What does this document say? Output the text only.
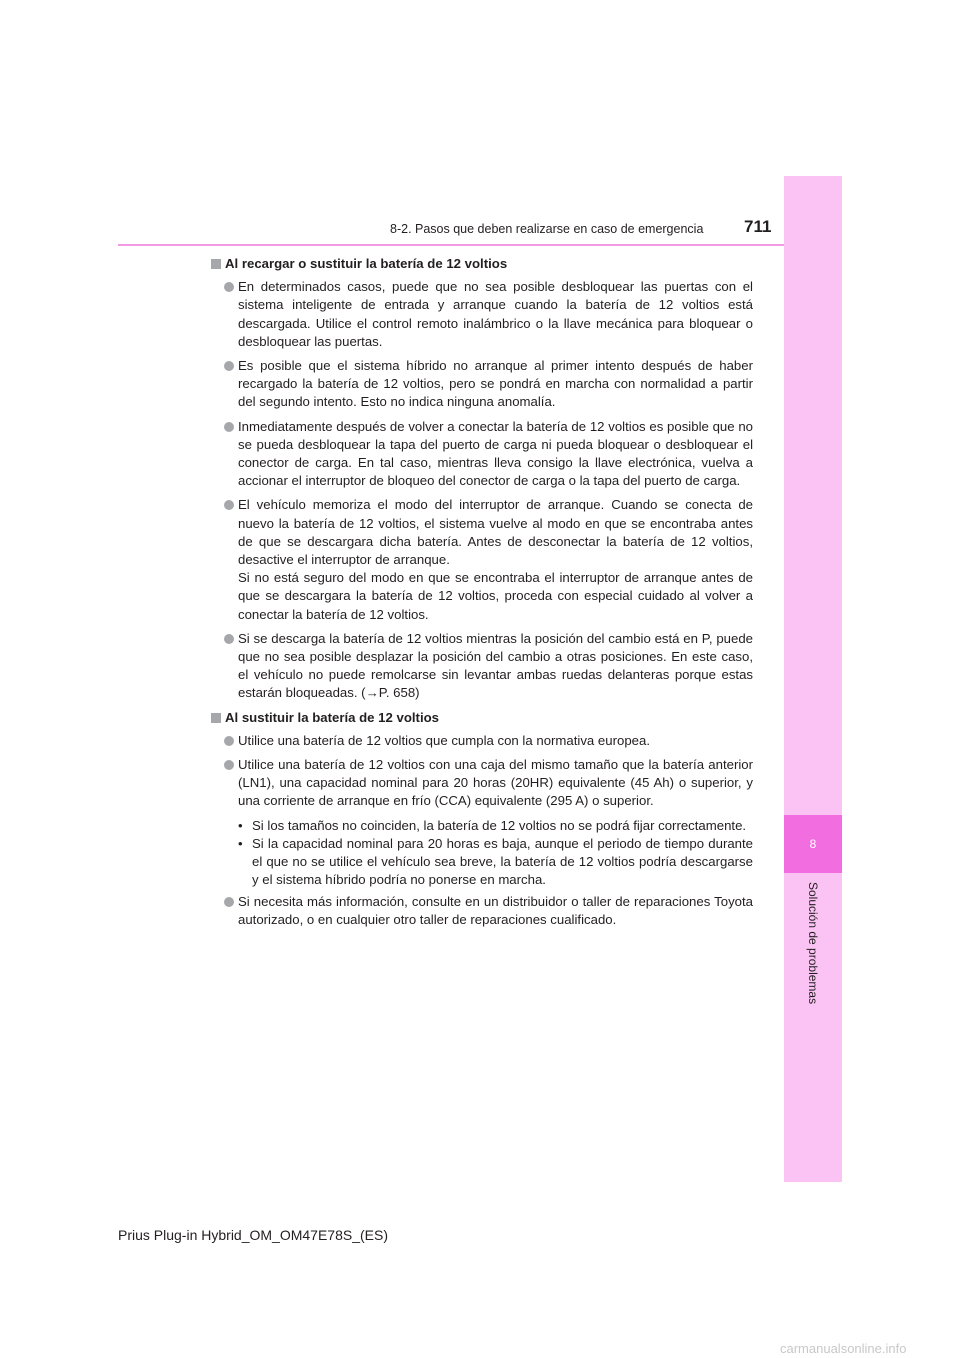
8
Solución de problemas
8-2. Pasos que deben realizarse en caso de emergencia 711
Al recargar o sustituir la batería de 12 voltios

En determinados casos, puede que no sea posible desbloquear las puertas con el sistema inteligente de entrada y arranque cuando la batería de 12 voltios está descargada. Utilice el control remoto inalámbrico o la llave mecánica para bloquear o desbloquear las puertas.

Es posible que el sistema híbrido no arranque al primer intento después de haber recargado la batería de 12 voltios, pero se pondrá en marcha con normalidad a partir del segundo intento. Esto no indica ninguna anomalía.

Inmediatamente después de volver a conectar la batería de 12 voltios es posible que no se pueda desbloquear la tapa del puerto de carga ni pueda bloquear o desbloquear el conector de carga. En tal caso, mientras lleva consigo la llave electrónica, vuelva a accionar el interruptor de bloqueo del conector de carga o la tapa del puerto de carga.

El vehículo memoriza el modo del interruptor de arranque. Cuando se conecta de nuevo la batería de 12 voltios, el sistema vuelve al modo en que se encontraba antes de que se descargara dicha batería. Antes de desconectar la batería de 12 voltios, desactive el interruptor de arranque.

Si no está seguro del modo en que se encontraba el interruptor de arranque antes de que se descargara la batería de 12 voltios, proceda con especial cuidado al volver a conectar la batería de 12 voltios.

Si se descarga la batería de 12 voltios mientras la posición del cambio está en P, puede que no sea posible desplazar la posición del cambio a otras posiciones. En este caso, el vehículo no puede remolcarse sin levantar ambas ruedas delanteras porque estas estarán bloqueadas. (→P. 658)

Al sustituir la batería de 12 voltios

Utilice una batería de 12 voltios que cumpla con la normativa europea.

Utilice una batería de 12 voltios con una caja del mismo tamaño que la batería anterior (LN1), una capacidad nominal para 20 horas (20HR) equivalente (45 Ah) o superior, y una corriente de arranque en frío (CCA) equivalente (295 A) o superior.

• Si los tamaños no coinciden, la batería de 12 voltios no se podrá fijar correctamente.
• Si la capacidad nominal para 20 horas es baja, aunque el periodo de tiempo durante el que no se utilice el vehículo sea breve, la batería de 12 voltios podría descargarse y el sistema híbrido podría no ponerse en marcha.

Si necesita más información, consulte en un distribuidor o taller de reparaciones Toyota autorizado, o en cualquier otro taller de reparaciones cualificado.

Prius Plug-in Hybrid_OM_OM47E78S_(ES)
carmanualsonline.info
